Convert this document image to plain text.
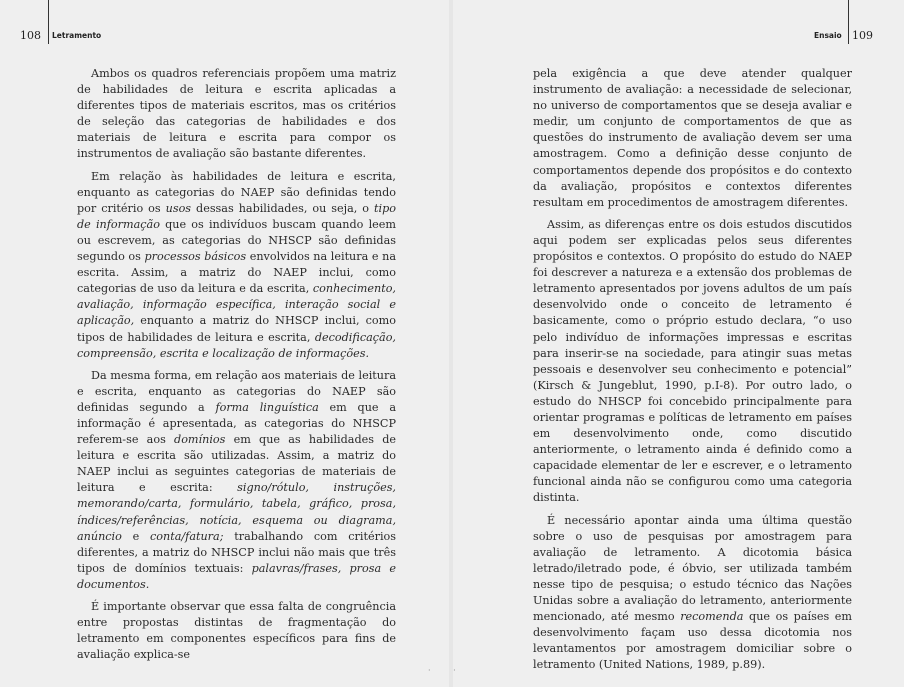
108 Letramento

Ambos os quadros referenciais propõem uma matriz de habilidades de leitura e escrita aplicadas a diferentes tipos de materiais escritos, mas os critérios de seleção das categorias de habilidades e dos materiais de leitura e escrita para compor os instrumentos de avaliação são bastante diferentes.

Em relação às habilidades de leitura e escrita, enquanto as categorias do NAEP são definidas tendo por critério os usos dessas habilidades, ou seja, o tipo de informação que os indivíduos buscam quando leem ou escrevem, as categorias do NHSCP são definidas segundo os processos básicos envolvidos na leitura e na escrita. Assim, a matriz do NAEP inclui, como categorias de uso da leitura e da escrita, conhecimento, avaliação, informação específica, interação social e aplicação, enquanto a matriz do NHSCP inclui, como tipos de habilidades de leitura e escrita, decodificação, compreensão, escrita e localização de informações.

Da mesma forma, em relação aos materiais de leitura e escrita, enquanto as categorias do NAEP são definidas segundo a forma linguística em que a informação é apresentada, as categorias do NHSCP referem-se aos domínios em que as habilidades de leitura e escrita são utilizadas. Assim, a matriz do NAEP inclui as seguintes categorias de materiais de leitura e escrita: signo/rótulo, instruções, memorando/carta, formulário, tabela, gráfico, prosa, índices/referências, notícia, esquema ou diagrama, anúncio e conta/fatura; trabalhando com critérios diferentes, a matriz do NHSCP inclui não mais que três tipos de domínios textuais: palavras/frases, prosa e documentos.

É importante observar que essa falta de congruência entre propostas distintas de fragmentação do letramento em componentes específicos para fins de avaliação explica-se

Ensaio 109

pela exigência a que deve atender qualquer instrumento de avaliação: a necessidade de selecionar, no universo de comportamentos que se deseja avaliar e medir, um conjunto de comportamentos de que as questões do instrumento de avaliação devem ser uma amostragem. Como a definição desse conjunto de comportamentos depende dos propósitos e do contexto da avaliação, propósitos e contextos diferentes resultam em procedimentos de amostragem diferentes.

Assim, as diferenças entre os dois estudos discutidos aqui podem ser explicadas pelos seus diferentes propósitos e contextos. O propósito do estudo do NAEP foi descrever a natureza e a extensão dos problemas de letramento apresentados por jovens adultos de um país desenvolvido onde o conceito de letramento é basicamente, como o próprio estudo declara, “o uso pelo indivíduo de informações impressas e escritas para inserir-se na sociedade, para atingir suas metas pessoais e desenvolver seu conhecimento e potencial” (Kirsch & Jungeblut, 1990, p.I-8). Por outro lado, o estudo do NHSCP foi concebido principalmente para orientar programas e políticas de letramento em países em desenvolvimento onde, como discutido anteriormente, o letramento ainda é definido como a capacidade elementar de ler e escrever, e o letramento funcional ainda não se configurou como uma categoria distinta.

É necessário apontar ainda uma última questão sobre o uso de pesquisas por amostragem para avaliação de letramento. A dicotomia básica letrado/iletrado pode, é óbvio, ser utilizada também nesse tipo de pesquisa; o estudo técnico das Nações Unidas sobre a avaliação do letramento, anteriormente mencionado, até mesmo recomenda que os países em desenvolvimento façam uso dessa dicotomia nos levantamentos por amostragem domiciliar sobre o letramento (United Nations, 1989, p.89).

· ·
